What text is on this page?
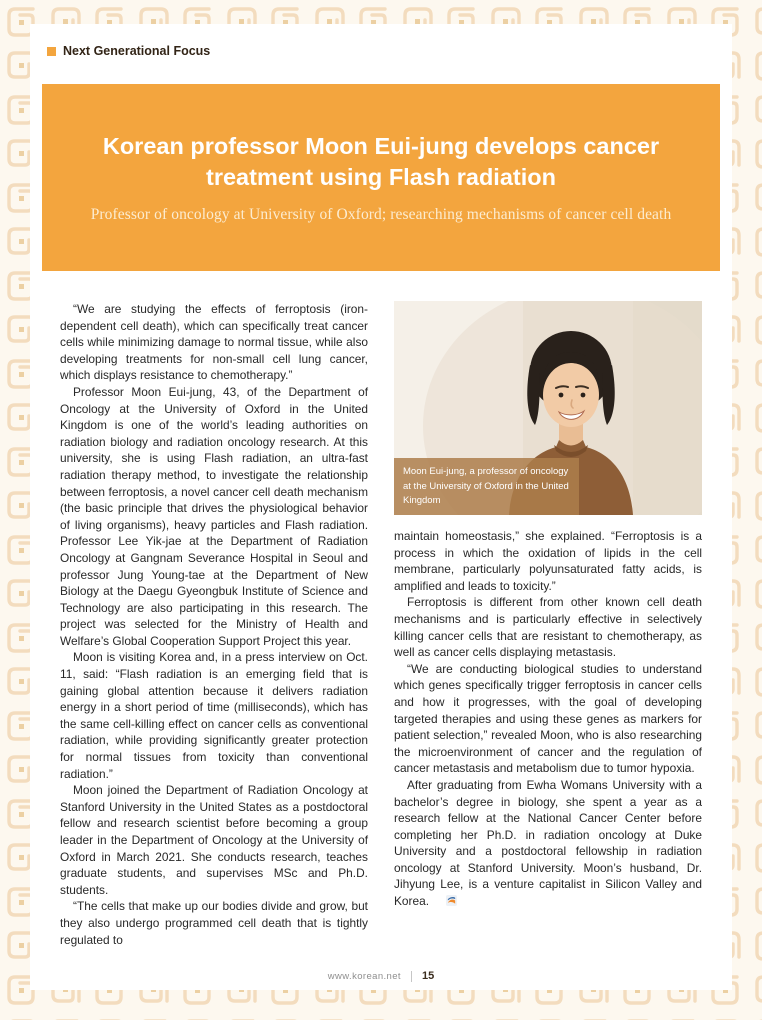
Next Generational Focus
Korean professor Moon Eui-jung develops cancer treatment using Flash radiation
Professor of oncology at University of Oxford; researching mechanisms of cancer cell death

“We are studying the effects of ferroptosis (iron-dependent cell death), which can specifically treat cancer cells while minimizing damage to normal tissue, while also developing treatments for non-small cell lung cancer, which displays resistance to chemotherapy.”

Professor Moon Eui-jung, 43, of the Department of Oncology at the University of Oxford in the United Kingdom is one of the world’s leading authorities on radiation biology and radiation oncology research. At this university, she is using Flash radiation, an ultra-fast radiation therapy method, to investigate the relationship between ferroptosis, a novel cancer cell death mechanism (the basic principle that drives the physiological behavior of living organisms), heavy particles and Flash radiation. Professor Lee Yik-jae at the Department of Radiation Oncology at Gangnam Severance Hospital in Seoul and professor Jung Young-tae at the Department of New Biology at the Daegu Gyeongbuk Institute of Science and Technology are also participating in this research. The project was selected for the Ministry of Health and Welfare’s Global Cooperation Support Project this year.

Moon is visiting Korea and, in a press interview on Oct. 11, said: “Flash radiation is an emerging field that is gaining global attention because it delivers radiation energy in a short period of time (milliseconds), which has the same cell-killing effect on cancer cells as conventional radiation, while providing significantly greater protection for normal tissues from toxicity than conventional radiation.”

Moon joined the Department of Radiation Oncology at Stanford University in the United States as a postdoctoral fellow and research scientist before becoming a group leader in the Department of Oncology at the University of Oxford in March 2021. She conducts research, teaches graduate students, and supervises MSc and Ph.D. students.

“The cells that make up our bodies divide and grow, but they also undergo programmed cell death that is tightly regulated to

Moon Eui-jung, a professor of oncology at the University of Oxford in the United Kingdom

maintain homeostasis,” she explained. “Ferroptosis is a process in which the oxidation of lipids in the cell membrane, particularly polyunsaturated fatty acids, is amplified and leads to toxicity.”

Ferroptosis is different from other known cell death mechanisms and is particularly effective in selectively killing cancer cells that are resistant to chemotherapy, as well as cancer cells displaying metastasis.

“We are conducting biological studies to understand which genes specifically trigger ferroptosis in cancer cells and how it progresses, with the goal of developing targeted therapies and using these genes as markers for patient selection,” revealed Moon, who is also researching the microenvironment of cancer and the regulation of cancer metastasis and metabolism due to tumor hypoxia.

After graduating from Ewha Womans University with a bachelor’s degree in biology, she spent a year as a research fellow at the National Cancer Center before completing her Ph.D. in radiation oncology at Duke University and a postdoctoral fellowship in radiation oncology at Stanford University. Moon’s husband, Dr. Jihyung Lee, is a venture capitalist in Silicon Valley and Korea.

www.korean.net 15
